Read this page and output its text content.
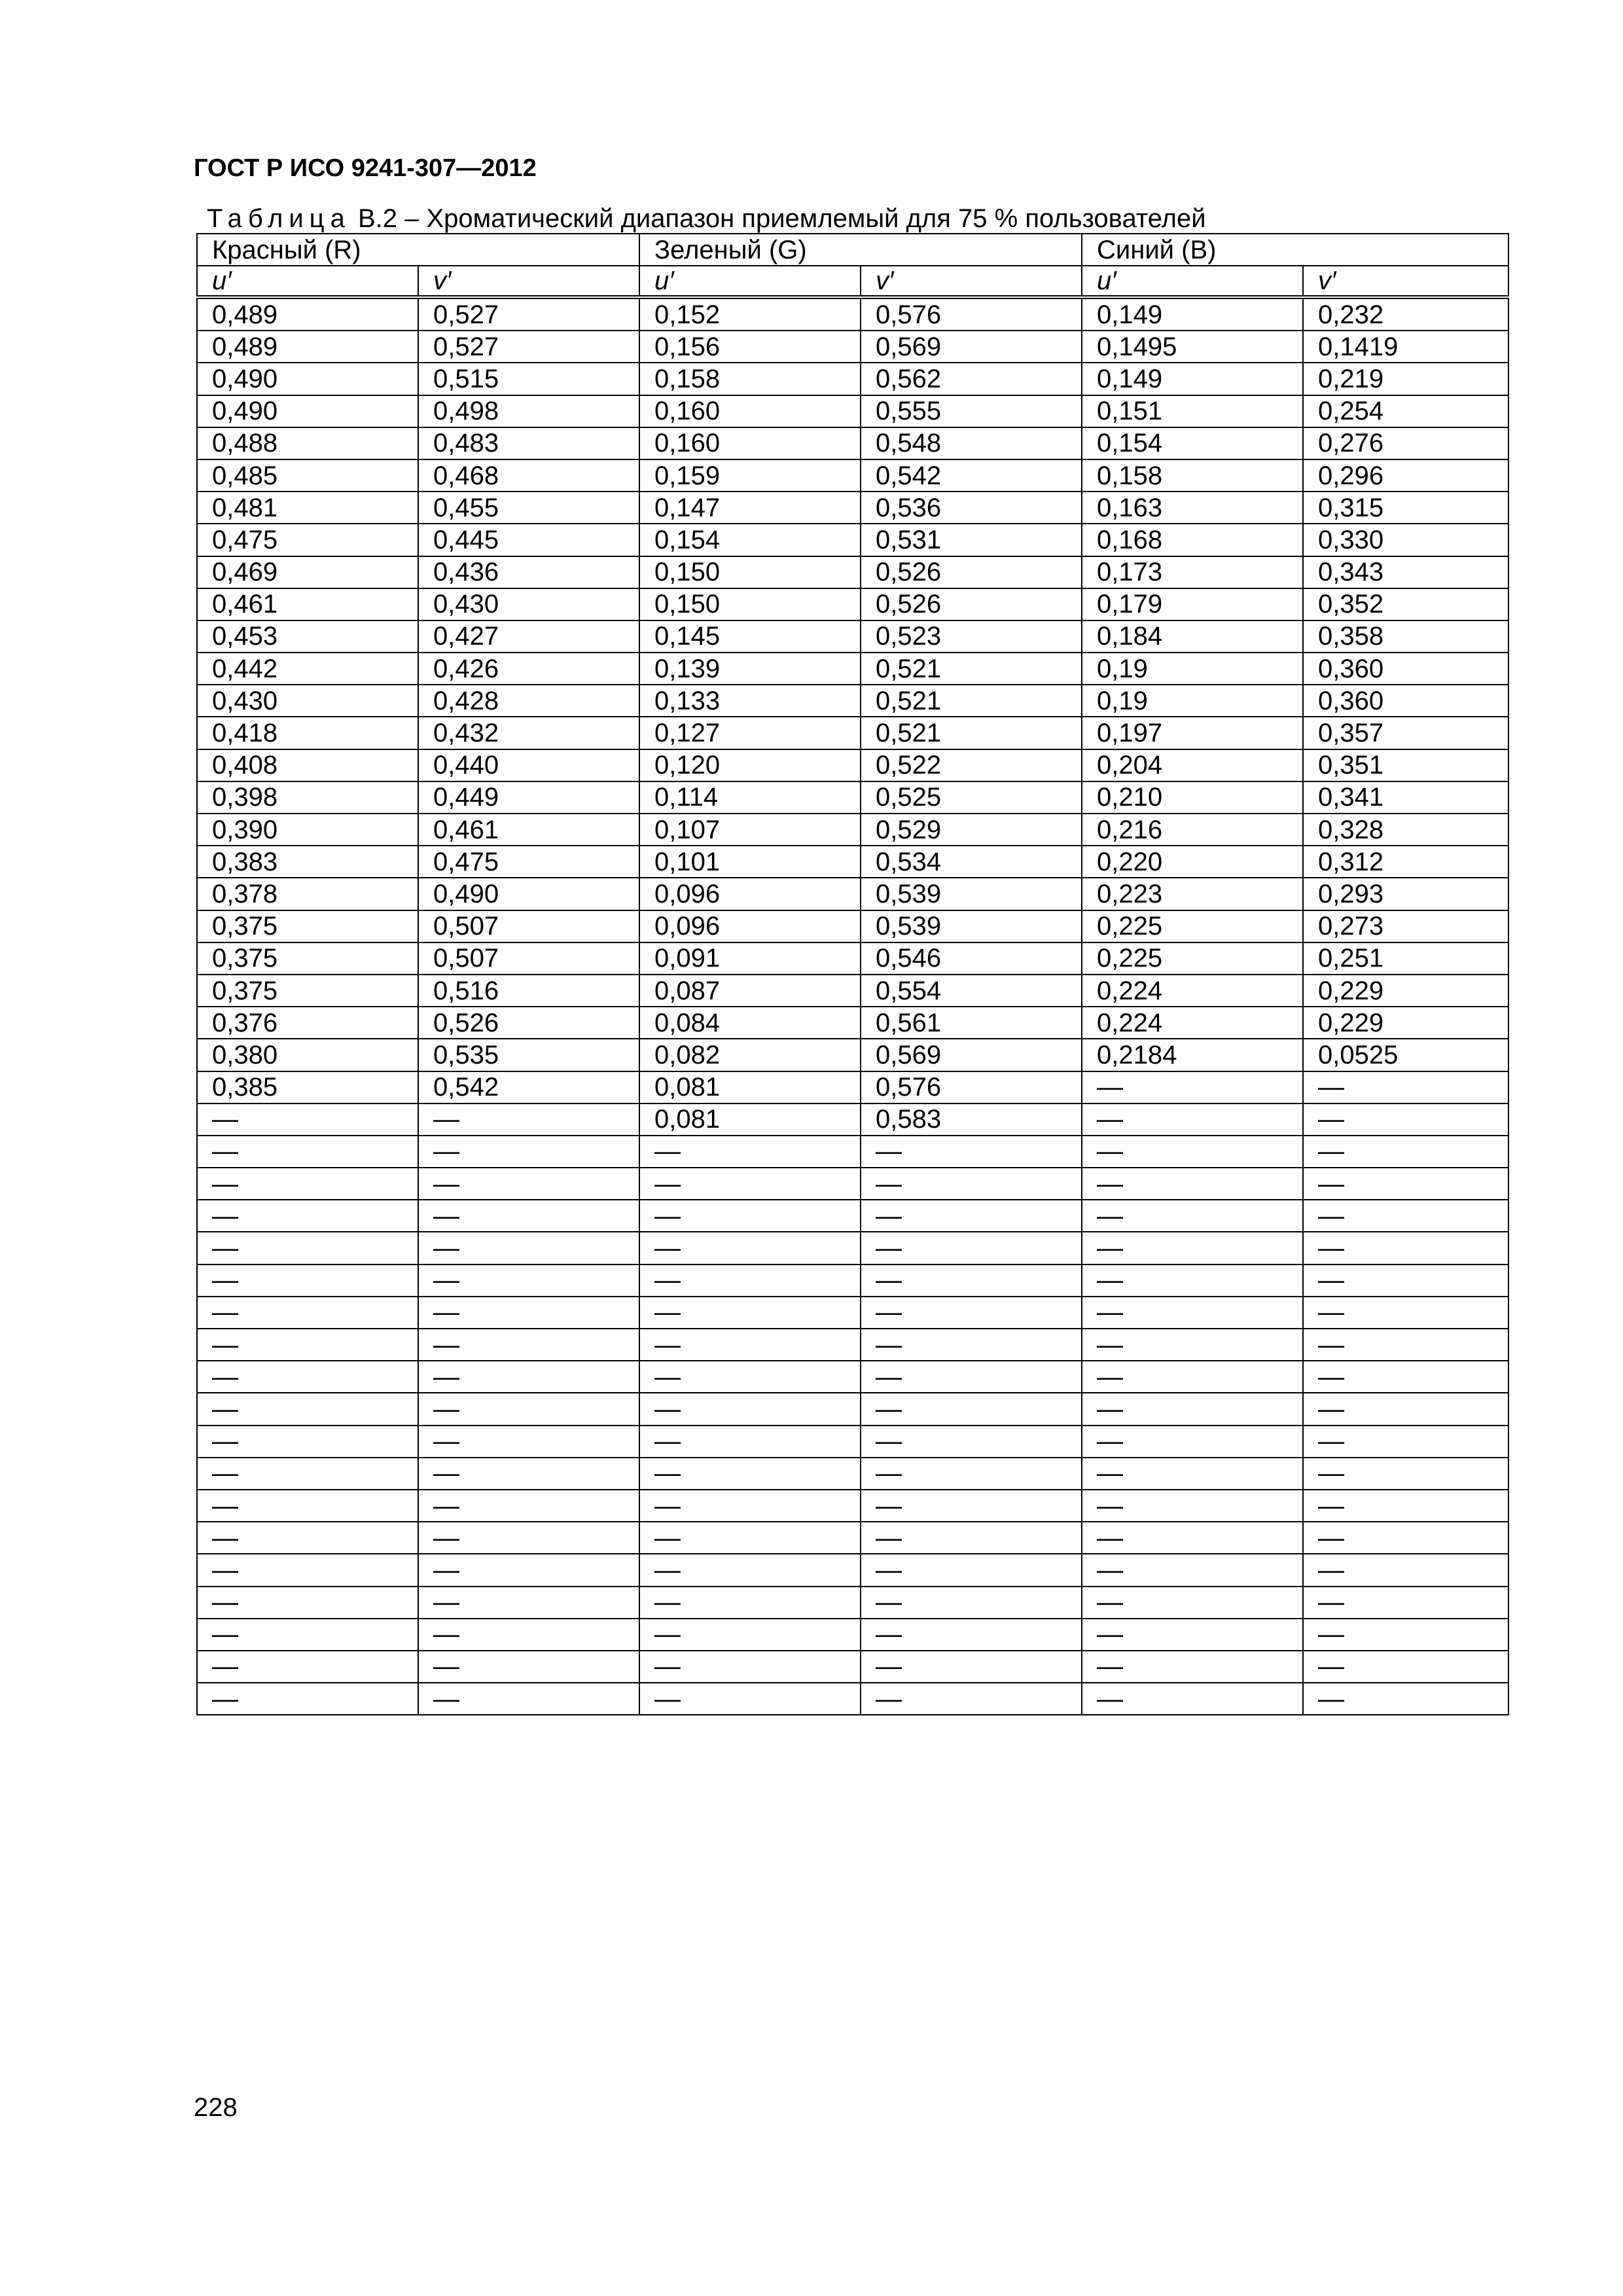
ГОСТ Р ИСО 9241-307—2012
Таблица В.2 – Хроматический диапазон приемлемый для 75 % пользователей
Красный (R)		Зеленый (G)		Синий (B)	
u′	v′	u′	v′	u′	v′
0,489	0,527	0,152	0,576	0,149	0,232
0,489	0,527	0,156	0,569	0,1495	0,1419
0,490	0,515	0,158	0,562	0,149	0,219
0,490	0,498	0,160	0,555	0,151	0,254
0,488	0,483	0,160	0,548	0,154	0,276
0,485	0,468	0,159	0,542	0,158	0,296
0,481	0,455	0,147	0,536	0,163	0,315
0,475	0,445	0,154	0,531	0,168	0,330
0,469	0,436	0,150	0,526	0,173	0,343
0,461	0,430	0,150	0,526	0,179	0,352
0,453	0,427	0,145	0,523	0,184	0,358
0,442	0,426	0,139	0,521	0,19	0,360
0,430	0,428	0,133	0,521	0,19	0,360
0,418	0,432	0,127	0,521	0,197	0,357
0,408	0,440	0,120	0,522	0,204	0,351
0,398	0,449	0,114	0,525	0,210	0,341
0,390	0,461	0,107	0,529	0,216	0,328
0,383	0,475	0,101	0,534	0,220	0,312
0,378	0,490	0,096	0,539	0,223	0,293
0,375	0,507	0,096	0,539	0,225	0,273
0,375	0,507	0,091	0,546	0,225	0,251
0,375	0,516	0,087	0,554	0,224	0,229
0,376	0,526	0,084	0,561	0,224	0,229
0,380	0,535	0,082	0,569	0,2184	0,0525
0,385	0,542	0,081	0,576	—	—
—	—	0,081	0,583	—	—
—	—	—	—	—	—
—	—	—	—	—	—
—	—	—	—	—	—
—	—	—	—	—	—
—	—	—	—	—	—
—	—	—	—	—	—
—	—	—	—	—	—
—	—	—	—	—	—
—	—	—	—	—	—
—	—	—	—	—	—
—	—	—	—	—	—
—	—	—	—	—	—
—	—	—	—	—	—
—	—	—	—	—	—
—	—	—	—	—	—
—	—	—	—	—	—
—	—	—	—	—	—
—	—	—	—	—	—
228
